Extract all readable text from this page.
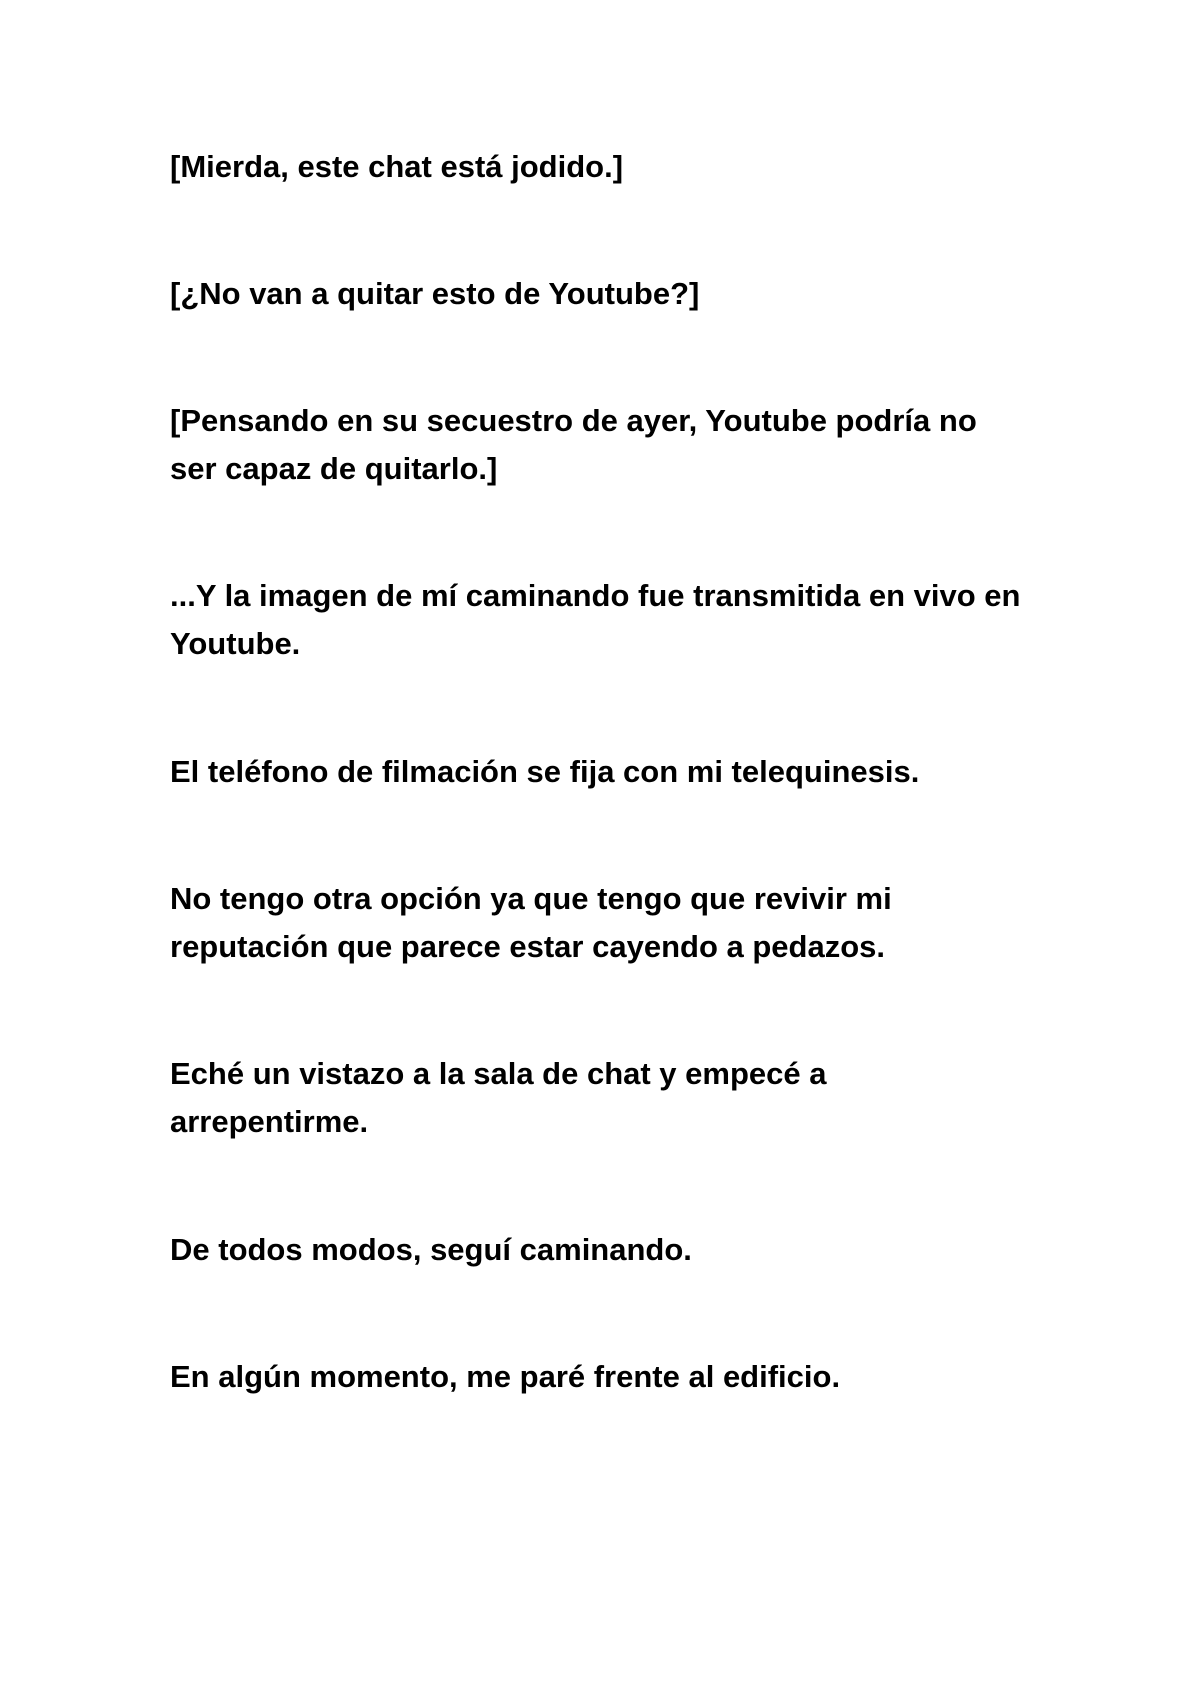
[Mierda, este chat está jodido.]

[¿No van a quitar esto de Youtube?]

[Pensando en su secuestro de ayer, Youtube podría no ser capaz de quitarlo.]

...Y la imagen de mí caminando fue transmitida en vivo en Youtube.

El teléfono de filmación se fija con mi telequinesis.

No tengo otra opción ya que tengo que revivir mi reputación que parece estar cayendo a pedazos.

Eché un vistazo a la sala de chat y empecé a arrepentirme.

De todos modos, seguí caminando.

En algún momento, me paré frente al edificio.
